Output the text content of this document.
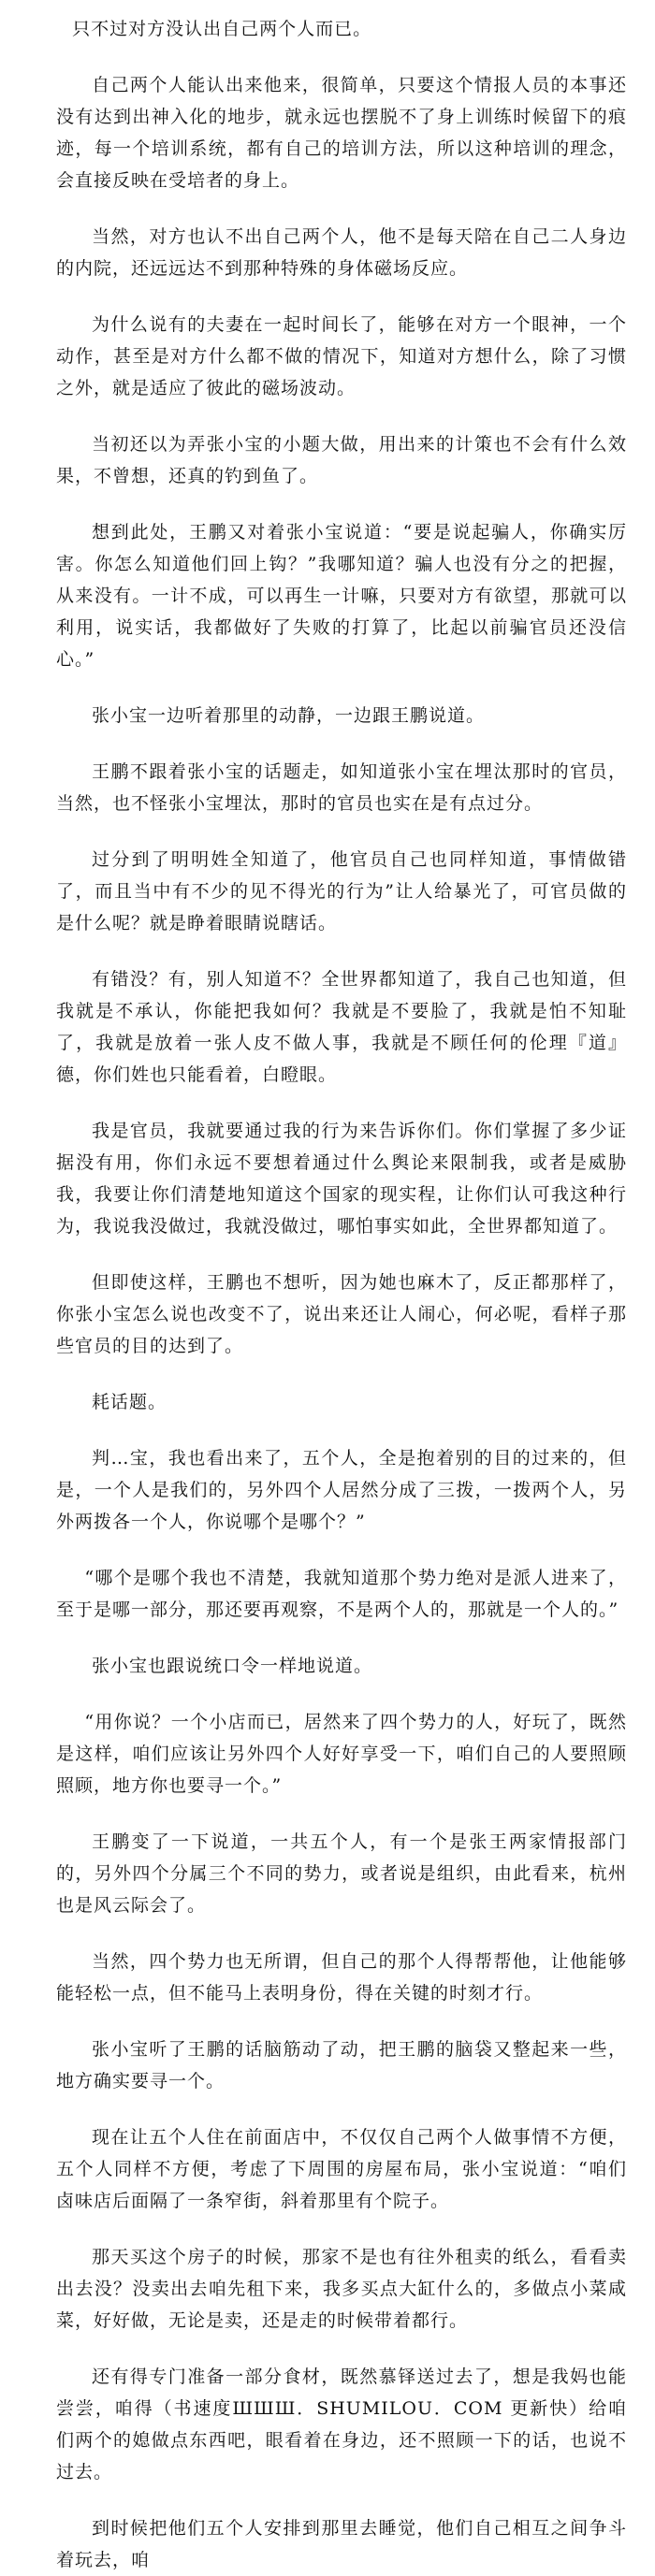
只不过对方没认出自己两个人而已。

自己两个人能认出来他来，很简单，只要这个情报人员的本事还没有达到出神入化的地步，就永远也摆脱不了身上训练时候留下的痕迹，每一个培训系统，都有自己的培训方法，所以这种培训的理念，会直接反映在受培者的身上。

当然，对方也认不出自己两个人，他不是每天陪在自己二人身边的内院，还远远达不到那种特殊的身体磁场反应。

为什么说有的夫妻在一起时间长了，能够在对方一个眼神，一个动作，甚至是对方什么都不做的情况下，知道对方想什么，除了习惯之外，就是适应了彼此的磁场波动。

当初还以为弄张小宝的小题大做，用出来的计策也不会有什么效果，不曾想，还真的钓到鱼了。

想到此处，王鹏又对着张小宝说道：“要是说起骗人，你确实厉害。你怎么知道他们回上钩？”我哪知道？骗人也没有分之的把握，从来没有。一计不成，可以再生一计嘛，只要对方有欲望，那就可以利用，说实话，我都做好了失败的打算了，比起以前骗官员还没信心。”

张小宝一边听着那里的动静，一边跟王鹏说道。

王鹏不跟着张小宝的话题走，如知道张小宝在埋汰那时的官员，当然，也不怪张小宝埋汰，那时的官员也实在是有点过分。

过分到了明明姓全知道了，他官员自己也同样知道，事情做错了，而且当中有不少的见不得光的行为”让人给暴光了，可官员做的是什么呢？就是睁着眼睛说瞎话。

有错没？有，别人知道不？全世界都知道了，我自己也知道，但我就是不承认，你能把我如何？我就是不要脸了，我就是怕不知耻了，我就是放着一张人皮不做人事，我就是不顾任何的伦理『道』德，你们姓也只能看着，白瞪眼。

我是官员，我就要通过我的行为来告诉你们。你们掌握了多少证据没有用，你们永远不要想着通过什么舆论来限制我，或者是威胁我，我要让你们清楚地知道这个国家的现实程，让你们认可我这种行为，我说我没做过，我就没做过，哪怕事实如此，全世界都知道了。

但即使这样，王鹏也不想听，因为她也麻木了，反正都那样了，你张小宝怎么说也改变不了，说出来还让人闹心，何必呢，看样子那些官员的目的达到了。

耗话题。

判…宝，我也看出来了，五个人，全是抱着别的目的过来的，但是，一个人是我们的，另外四个人居然分成了三拨，一拨两个人，另外两拨各一个人，你说哪个是哪个？”

“哪个是哪个我也不清楚，我就知道那个势力绝对是派人进来了，至于是哪一部分，那还要再观察，不是两个人的，那就是一个人的。”

张小宝也跟说统口令一样地说道。

“用你说？一个小店而已，居然来了四个势力的人，好玩了，既然是这样，咱们应该让另外四个人好好享受一下，咱们自己的人要照顾照顾，地方你也要寻一个。”

王鹏变了一下说道，一共五个人，有一个是张王两家情报部门的，另外四个分属三个不同的势力，或者说是组织，由此看来，杭州也是风云际会了。

当然，四个势力也无所谓，但自己的那个人得帮帮他，让他能够能轻松一点，但不能马上表明身份，得在关键的时刻才行。

张小宝听了王鹏的话脑筋动了动，把王鹏的脑袋又整起来一些，地方确实要寻一个。

现在让五个人住在前面店中，不仅仅自己两个人做事情不方便，五个人同样不方便，考虑了下周围的房屋布局，张小宝说道：“咱们卤味店后面隔了一条窄街，斜着那里有个院子。

那天买这个房子的时候，那家不是也有往外租卖的纸么，看看卖出去没？没卖出去咱先租下来，我多买点大缸什么的，多做点小菜咸菜，好好做，无论是卖，还是走的时候带着都行。

还有得专门准备一部分食材，既然慕铎送过去了，想是我妈也能尝尝，咱得（书速度ШШШ．SHUMILOU．COM 更新快）给咱们两个的媳做点东西吧，眼看着在身边，还不照顾一下的话，也说不过去。

到时候把他们五个人安排到那里去睡觉，他们自己相互之间争斗着玩去，咱
